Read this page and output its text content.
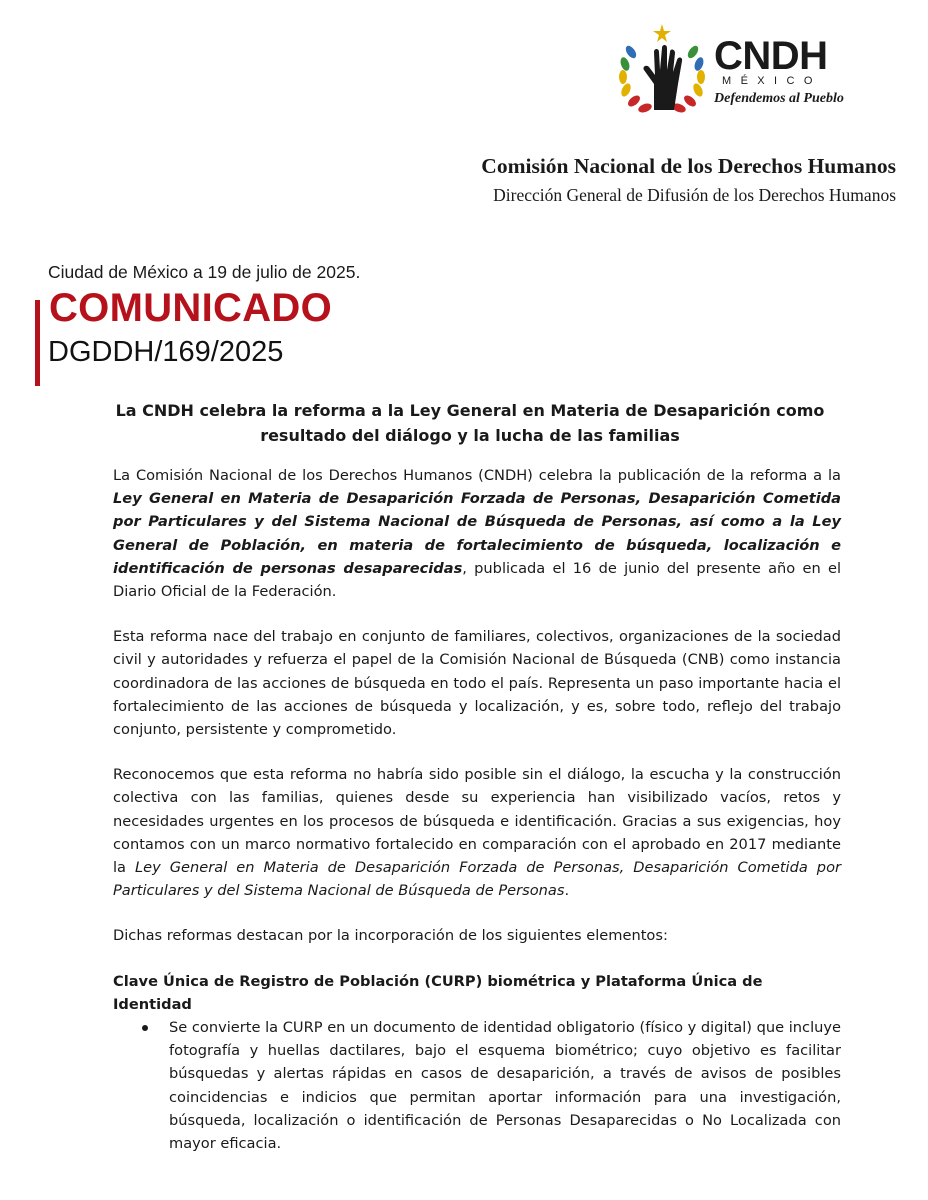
CNDH
MÉXICO
Defendemos al Pueblo
Comisión Nacional de los Derechos Humanos
Dirección General de Difusión de los Derechos Humanos
Ciudad de México a 19 de julio de 2025.
COMUNICADO
DGDDH/169/2025
La CNDH celebra la reforma a la Ley General en Materia de Desaparición como
resultado del diálogo y la lucha de las familias

La Comisión Nacional de los Derechos Humanos (CNDH) celebra la publicación de la reforma a la Ley General en Materia de Desaparición Forzada de Personas, Desaparición Cometida por Particulares y del Sistema Nacional de Búsqueda de Personas, así como a la Ley General de Población, en materia de fortalecimiento de búsqueda, localización e identificación de personas desaparecidas, publicada el 16 de junio del presente año en el Diario Oficial de la Federación.

Esta reforma nace del trabajo en conjunto de familiares, colectivos, organizaciones de la sociedad civil y autoridades y refuerza el papel de la Comisión Nacional de Búsqueda (CNB) como instancia coordinadora de las acciones de búsqueda en todo el país. Representa un paso importante hacia el fortalecimiento de las acciones de búsqueda y localización, y es, sobre todo, reflejo del trabajo conjunto, persistente y comprometido.

Reconocemos que esta reforma no habría sido posible sin el diálogo, la escucha y la construcción colectiva con las familias, quienes desde su experiencia han visibilizado vacíos, retos y necesidades urgentes en los procesos de búsqueda e identificación. Gracias a sus exigencias, hoy contamos con un marco normativo fortalecido en comparación con el aprobado en 2017 mediante la Ley General en Materia de Desaparición Forzada de Personas, Desaparición Cometida por Particulares y del Sistema Nacional de Búsqueda de Personas.

Dichas reformas destacan por la incorporación de los siguientes elementos:

Clave Única de Registro de Población (CURP) biométrica y Plataforma Única de Identidad

Se convierte la CURP en un documento de identidad obligatorio (físico y digital) que incluye fotografía y huellas dactilares, bajo el esquema biométrico; cuyo objetivo es facilitar búsquedas y alertas rápidas en casos de desaparición, a través de avisos de posibles coincidencias e indicios que permitan aportar información para una investigación, búsqueda, localización o identificación de Personas Desaparecidas o No Localizada con mayor eficacia.
